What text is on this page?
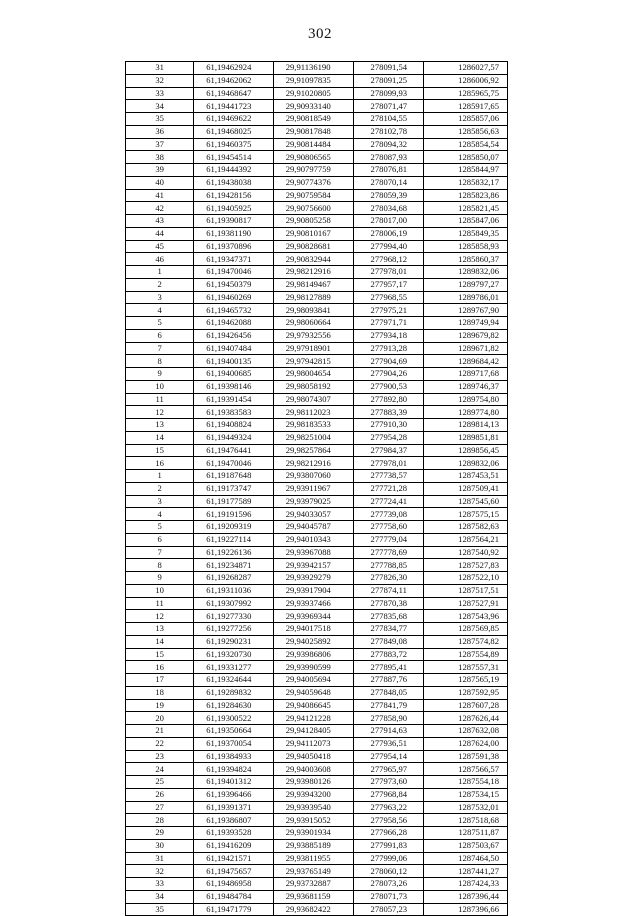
302
31	61,19462924	29,91136190	278091,54	1286027,57
32	61,19462062	29,91097835	278091,25	1286006,92
33	61,19468647	29,91020805	278099,93	1285965,75
34	61,19441723	29,90933140	278071,47	1285917,65
35	61,19469622	29,90818549	278104,55	1285857,06
36	61,19468025	29,90817848	278102,78	1285856,63
37	61,19460375	29,90814484	278094,32	1285854,54
38	61,19454514	29,90806565	278087,93	1285850,07
39	61,19444392	29,90797759	278076,81	1285844,97
40	61,19438038	29,90774376	278070,14	1285832,17
41	61,19428156	29,90759584	278059,39	1285823,86
42	61,19405925	29,90756600	278034,68	1285821,45
43	61,19390817	29,90805258	278017,00	1285847,06
44	61,19381190	29,90810167	278006,19	1285849,35
45	61,19370896	29,90828681	277994,40	1285858,93
46	61,19347371	29,90832944	277968,12	1285860,37
1	61,19470046	29,98212916	277978,01	1289832,06
2	61,19450379	29,98149467	277957,17	1289797,27
3	61,19460269	29,98127889	277968,55	1289786,01
4	61,19465732	29,98093841	277975,21	1289767,90
5	61,19462088	29,98060664	277971,71	1289749,94
6	61,19426456	29,97932556	277934,18	1289679,82
7	61,19407484	29,97918901	277913,28	1289671,82
8	61,19400135	29,97942815	277904,69	1289684,42
9	61,19400685	29,98004654	277904,26	1289717,68
10	61,19398146	29,98058192	277900,53	1289746,37
11	61,19391454	29,98074307	277892,80	1289754,80
12	61,19383583	29,98112023	277883,39	1289774,80
13	61,19408824	29,98183533	277910,30	1289814,13
14	61,19449324	29,98251004	277954,28	1289851,81
15	61,19476441	29,98257864	277984,37	1289856,45
16	61,19470046	29,98212916	277978,01	1289832,06
1	61,19187648	29,93807060	277738,57	1287453,51
2	61,19173747	29,93911967	277721,28	1287509,41
3	61,19177589	29,93979025	277724,41	1287545,60
4	61,19191596	29,94033057	277739,08	1287575,15
5	61,19209319	29,94045787	277758,60	1287582,63
6	61,19227114	29,94010343	277779,04	1287564,21
7	61,19226136	29,93967088	277778,69	1287540,92
8	61,19234871	29,93942157	277788,85	1287527,83
9	61,19268287	29,93929279	277826,30	1287522,10
10	61,19311036	29,93917904	277874,11	1287517,51
11	61,19307992	29,93937466	277870,38	1287527,91
12	61,19277330	29,93969344	277835,68	1287543,96
13	61,19277256	29,94017518	277834,77	1287569,85
14	61,19290231	29,94025892	277849,08	1287574,82
15	61,19320730	29,93986806	277883,72	1287554,89
16	61,19331277	29,93990599	277895,41	1287557,31
17	61,19324644	29,94005694	277887,76	1287565,19
18	61,19289832	29,94059648	277848,05	1287592,95
19	61,19284630	29,94086645	277841,79	1287607,28
20	61,19300522	29,94121228	277858,90	1287626,44
21	61,19350664	29,94128405	277914,63	1287632,08
22	61,19370054	29,94112073	277936,51	1287624,00
23	61,19384933	29,94050418	277954,14	1287591,38
24	61,19394824	29,94003608	277965,97	1287566,57
25	61,19401312	29,93980126	277973,60	1287554,18
26	61,19396466	29,93943200	277968,84	1287534,15
27	61,19391371	29,93939540	277963,22	1287532,01
28	61,19386807	29,93915052	277958,56	1287518,68
29	61,19393528	29,93901934	277966,28	1287511,87
30	61,19416209	29,93885189	277991,83	1287503,67
31	61,19421571	29,93811955	277999,06	1287464,50
32	61,19475657	29,93765149	278060,12	1287441,27
33	61,19486958	29,93732887	278073,26	1287424,33
34	61,19484784	29,93681159	278071,73	1287396,44
35	61,19471779	29,93682422	278057,23	1287396,66
